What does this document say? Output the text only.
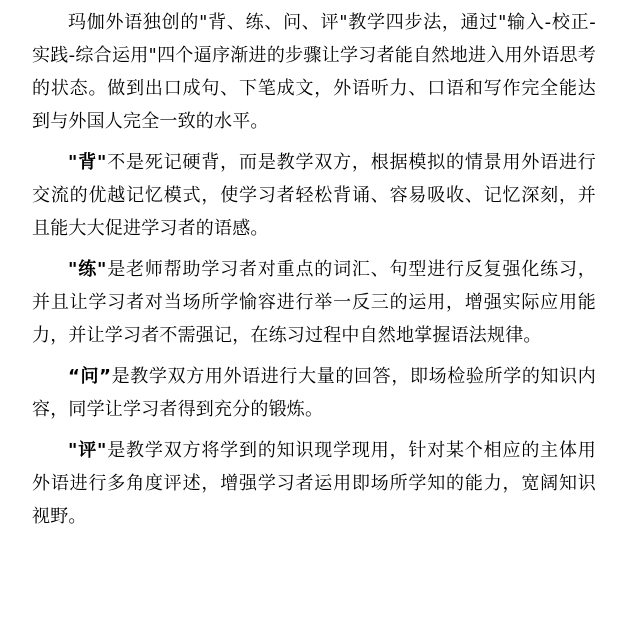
玛伽外语独创的"背、练、问、评"教学四步法，通过"输入-校正-实践-综合运用"四个逼序渐进的步骤让学习者能自然地进入用外语思考的状态。做到出口成句、下笔成文，外语听力、口语和写作完全能达到与外国人完全一致的水平。

"背"不是死记硬背，而是教学双方，根据模拟的情景用外语进行交流的优越记忆模式，使学习者轻松背诵、容易吸收、记忆深刻，并且能大大促进学习者的语感。

"练"是老师帮助学习者对重点的词汇、句型进行反复强化练习，并且让学习者对当场所学愉容进行举一反三的运用，增强实际应用能力，并让学习者不需强记，在练习过程中自然地掌握语法规律。

“问”是教学双方用外语进行大量的回答，即场检验所学的知识内容，同学让学习者得到充分的锻炼。

"评"是教学双方将学到的知识现学现用，针对某个相应的主体用外语进行多角度评述，增强学习者运用即场所学知的能力，宽阔知识视野。
